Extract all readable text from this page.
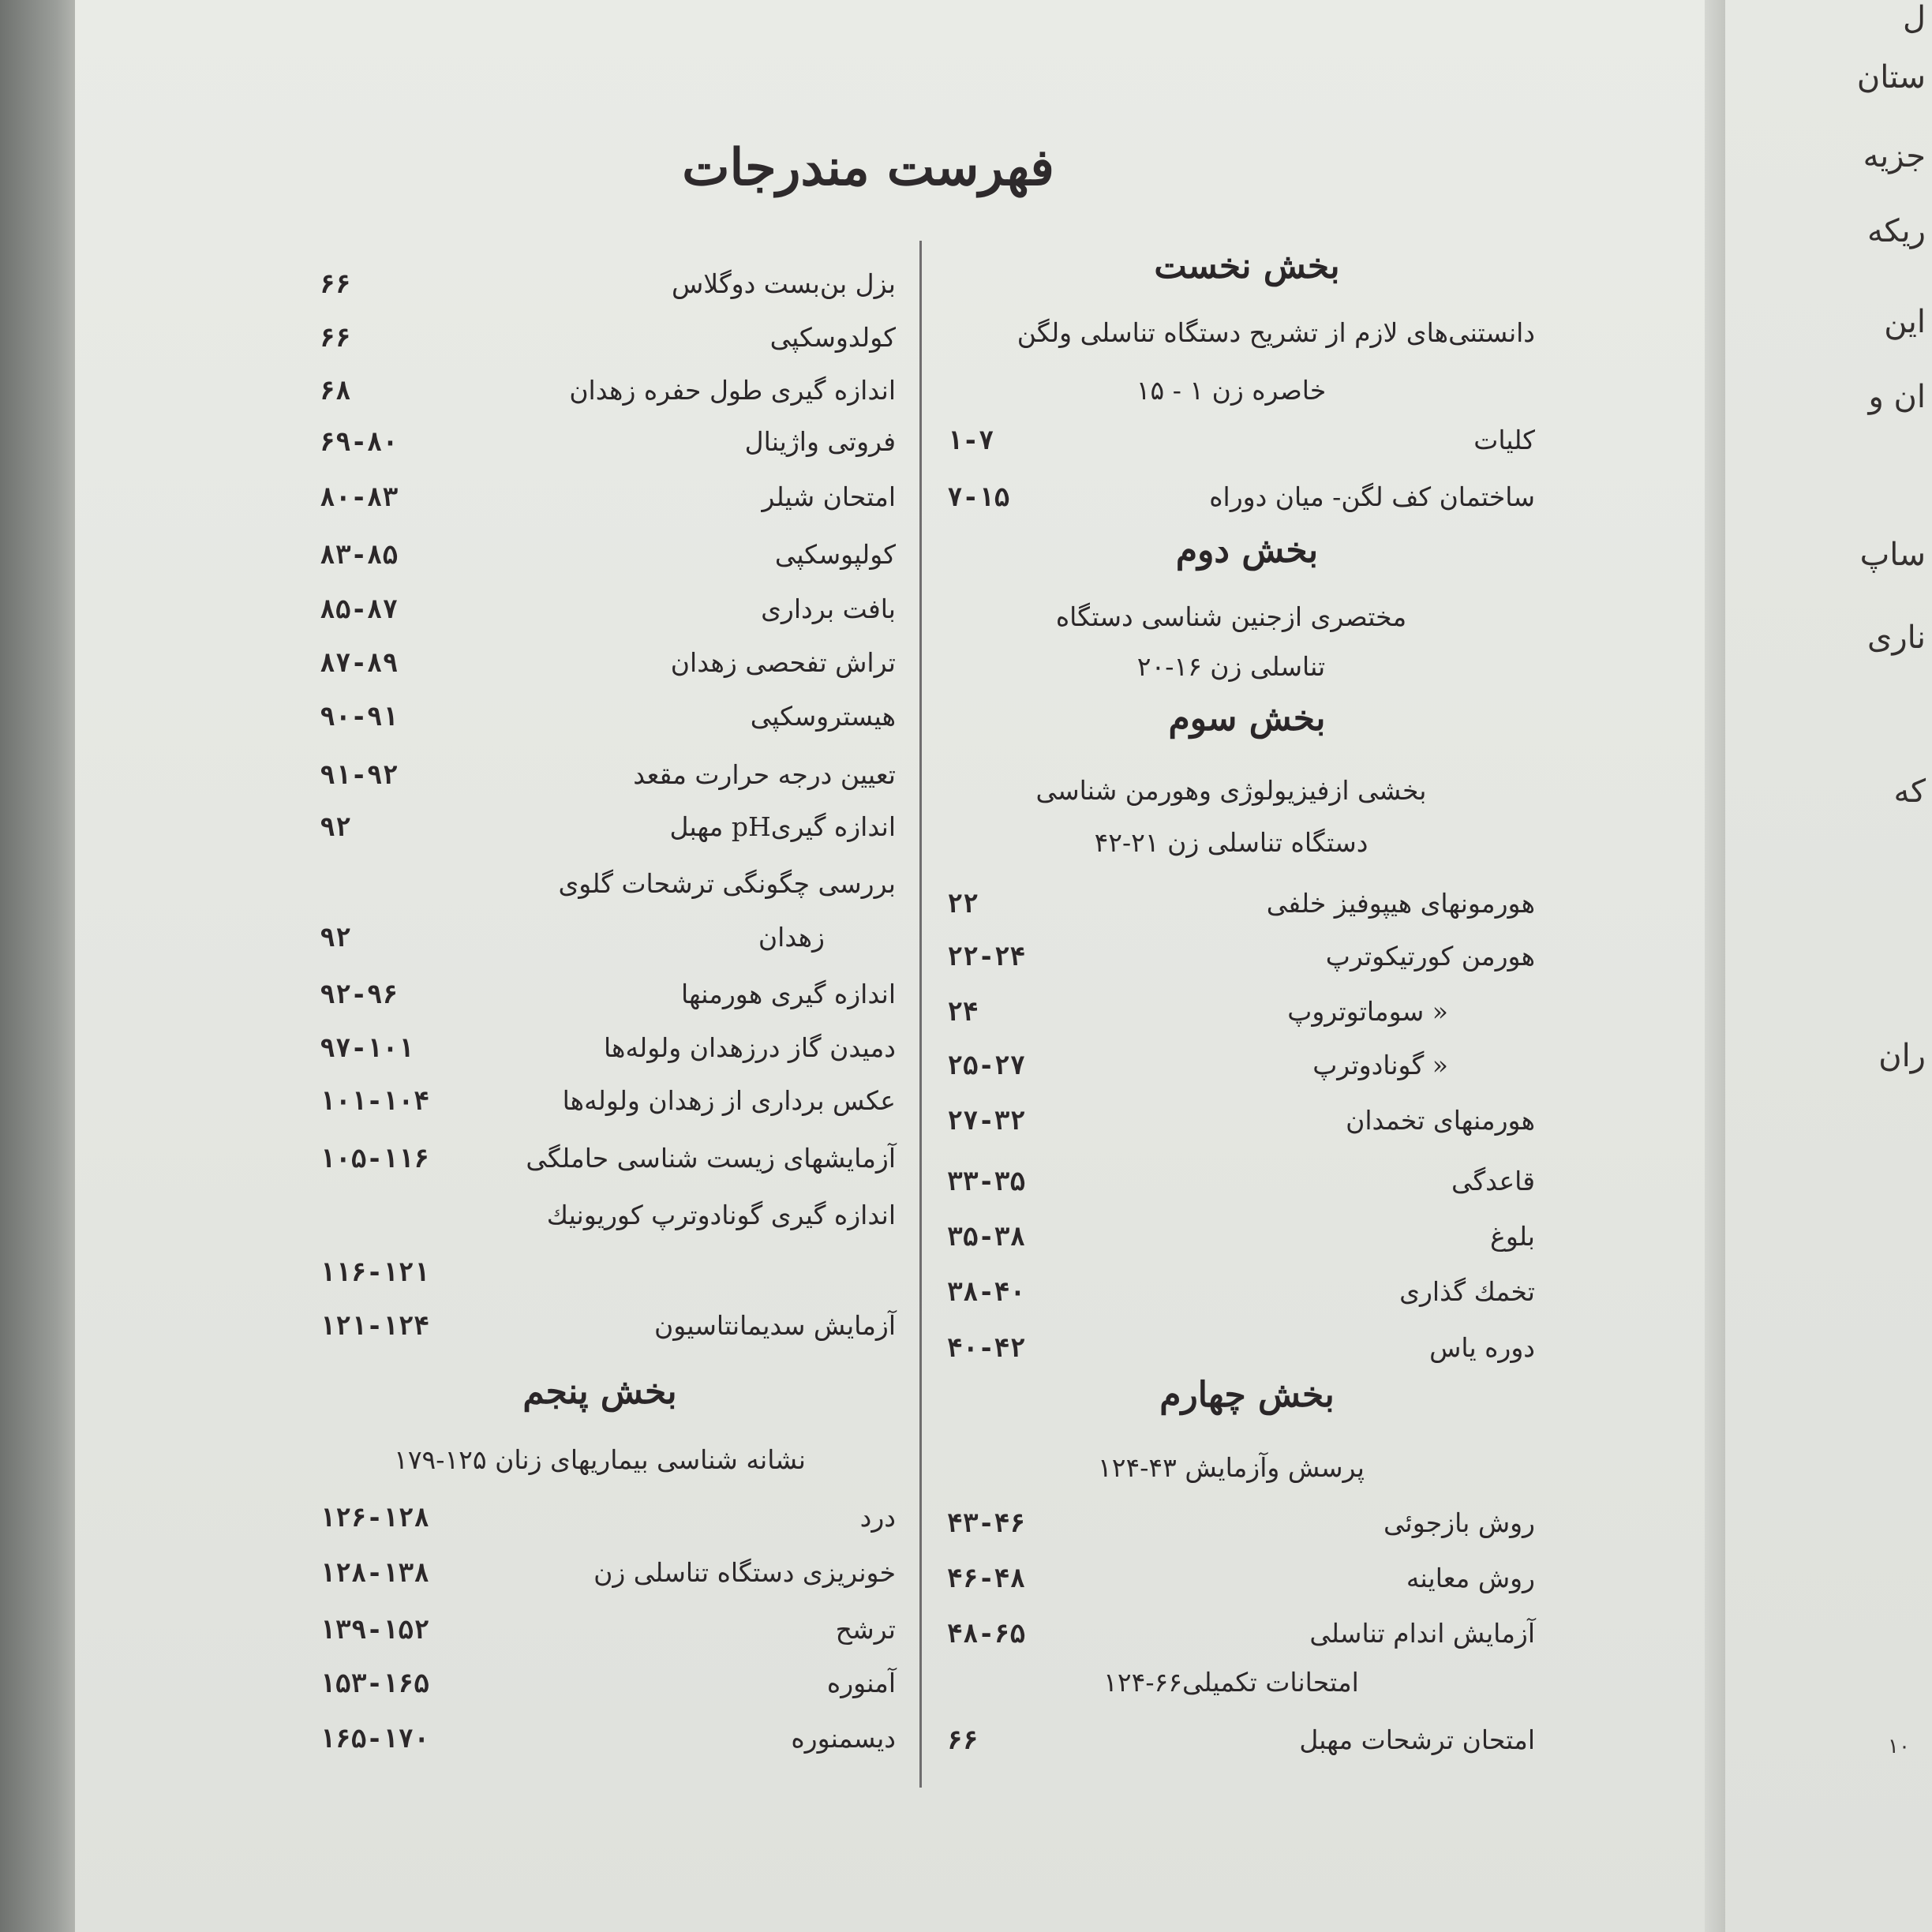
فهرست مندرجات
بخش نخست
دانستنی‌های لازم از تشریح دستگاه تناسلی ولگن
خاصره زن ۱ - ۱۵
کلیات
۱-۷
ساختمان کف لگن- میان دوراه
۷-۱۵
بخش دوم
مختصری ازجنین شناسی دستگاه
تناسلی زن ۱۶-۲۰
بخش سوم
بخشی ازفیزیولوژی وهورمن شناسی
دستگاه تناسلی زن ۲۱-۴۲
هورمونهای هیپوفیز خلفی
۲۲
هورمن کورتیکوترپ
۲۲-۲۴
« سوماتوتروپ
۲۴
« گونادوترپ
۲۵-۲۷
هورمنهای تخمدان
۲۷-۳۲
قاعدگی
۳۳-۳۵
بلوغ
۳۵-۳۸
تخمك گذاری
۳۸-۴۰
دوره یاس
۴۰-۴۲
بخش چهارم
پرسش وآزمایش ۴۳-۱۲۴
روش بازجوئی
۴۳-۴۶
روش معاینه
۴۶-۴۸
آزمایش اندام تناسلی
۴۸-۶۵
امتحانات تکمیلی۶۶-۱۲۴
امتحان ترشحات مهبل
۶۶
بزل بن‌بست دوگلاس
۶۶
کولدوسکپی
۶۶
اندازه گیری طول حفره زهدان
۶۸
فروتی واژینال
۶۹-۸۰
امتحان شیلر
۸۰-۸۳
کولپوسکپی
۸۳-۸۵
بافت برداری
۸۵-۸۷
تراش تفحصی زهدان
۸۷-۸۹
هیستروسکپی
۹۰-۹۱
تعیین درجه حرارت مقعد
۹۱-۹۲
اندازه گیریpH مهبل
۹۲
بررسی چگونگی ترشحات گلوی
زهدان
۹۲
اندازه گیری هورمنها
۹۲-۹۶
دمیدن گاز درزهدان ولوله‌ها
۹۷-۱۰۱
عکس برداری از زهدان ولوله‌ها
۱۰۱-۱۰۴
آزمایشهای زیست شناسی حاملگی
۱۰۵-۱۱۶
اندازه گیری گونادوترپ کوریونیك
۱۱۶-۱۲۱
آزمایش سدیمانتاسیون
۱۲۱-۱۲۴
بخش پنجم
نشانه شناسی بیماریهای زنان ۱۲۵-۱۷۹
درد
۱۲۶-۱۲۸
خونریزی دستگاه تناسلی زن
۱۲۸-۱۳۸
ترشح
۱۳۹-۱۵۲
آمنوره
۱۵۳-۱۶۵
دیسمنوره
۱۶۵-۱۷۰
ل
ستان
جزیه
ریکه
این
ان و
ساپ
ناری
که
ران
۱۰
